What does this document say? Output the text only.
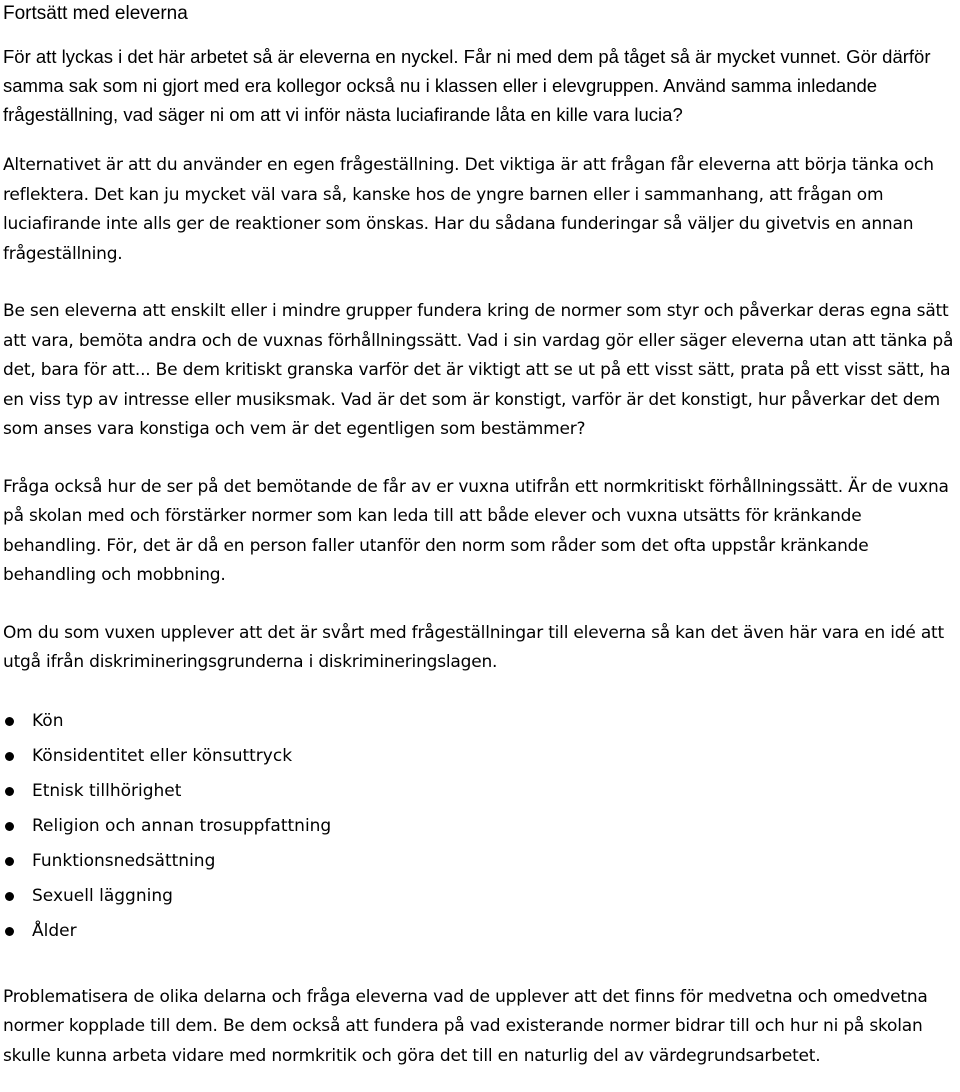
Fortsätt med eleverna

För att lyckas i det här arbetet så är eleverna en nyckel. Får ni med dem på tåget så är mycket vunnet. Gör därför samma sak som ni gjort med era kollegor också nu i klassen eller i elevgruppen. Använd samma inledande frågeställning, vad säger ni om att vi inför nästa luciafirande låta en kille vara lucia?

Alternativet är att du använder en egen frågeställning. Det viktiga är att frågan får eleverna att börja tänka och reflektera. Det kan ju mycket väl vara så, kanske hos de yngre barnen eller i sammanhang, att frågan om luciafirande inte alls ger de reaktioner som önskas. Har du sådana funderingar så väljer du givetvis en annan frågeställning.

Be sen eleverna att enskilt eller i mindre grupper fundera kring de normer som styr och påverkar deras egna sätt att vara, bemöta andra och de vuxnas förhållningssätt. Vad i sin vardag gör eller säger eleverna utan att tänka på det, bara för att... Be dem kritiskt granska varför det är viktigt att se ut på ett visst sätt, prata på ett visst sätt, ha en viss typ av intresse eller musiksmak. Vad är det som är konstigt, varför är det konstigt, hur påverkar det dem som anses vara konstiga och vem är det egentligen som bestämmer?

Fråga också hur de ser på det bemötande de får av er vuxna utifrån ett normkritiskt förhållningssätt. Är de vuxna på skolan med och förstärker normer som kan leda till att både elever och vuxna utsätts för kränkande behandling. För, det är då en person faller utanför den norm som råder som det ofta uppstår kränkande behandling och mobbning.

Om du som vuxen upplever att det är svårt med frågeställningar till eleverna så kan det även här vara en idé att utgå ifrån diskrimineringsgrunderna i diskrimineringslagen.

Kön
Könsidentitet eller könsuttryck
Etnisk tillhörighet
Religion och annan trosuppfattning
Funktionsnedsättning
Sexuell läggning
Ålder

Problematisera de olika delarna och fråga eleverna vad de upplever att det finns för medvetna och omedvetna normer kopplade till dem. Be dem också att fundera på vad existerande normer bidrar till och hur ni på skolan skulle kunna arbeta vidare med normkritik och göra det till en naturlig del av värdegrundsarbetet.
